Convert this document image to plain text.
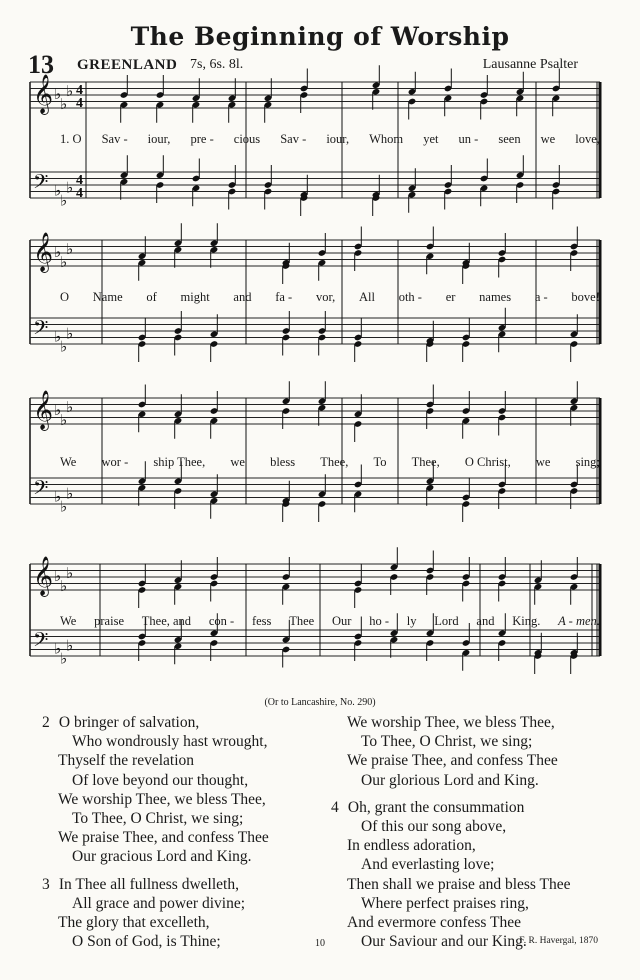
The Beginning of Worship
13 GREENLAND 7s, 6s. 8l.	Lausanne Psalter
𝄞 ♭
♭
♭ 4
4
𝄢 ♭
♭
♭ 4
4
𝄞 ♭
♭
♭
𝄢 ♭
♭
♭
𝄞 ♭
♭
♭
𝄢 ♭
♭
♭
𝄞 ♭
♭
♭
𝄢 ♭
♭
♭
1. O Sav - iour, pre - cious Sav - iour, Whom yet un - seen we love,
O Name of might and fa - vor, All oth - er names a - bove!
We wor - ship Thee, we bless Thee, To Thee, O Christ, we sing;
We praise Thee, and con - fess Thee Our ho - ly Lord and King. A - men.
(Or to Lancashire, No. 290)
2 O bringer of salvation,
Who wondrously hast wrought,
Thyself the revelation
Of love beyond our thought,
We worship Thee, we bless Thee,
To Thee, O Christ, we sing;
We praise Thee, and confess Thee
Our gracious Lord and King.
3 In Thee all fullness dwelleth,
All grace and power divine;
The glory that excelleth,
O Son of God, is Thine;
We worship Thee, we bless Thee,
To Thee, O Christ, we sing;
We praise Thee, and confess Thee
Our glorious Lord and King.
4 Oh, grant the consummation
Of this our song above,
In endless adoration,
And everlasting love;
Then shall we praise and bless Thee
Where perfect praises ring,
And evermore confess Thee
Our Saviour and our King.
10	F. R. Havergal, 1870
